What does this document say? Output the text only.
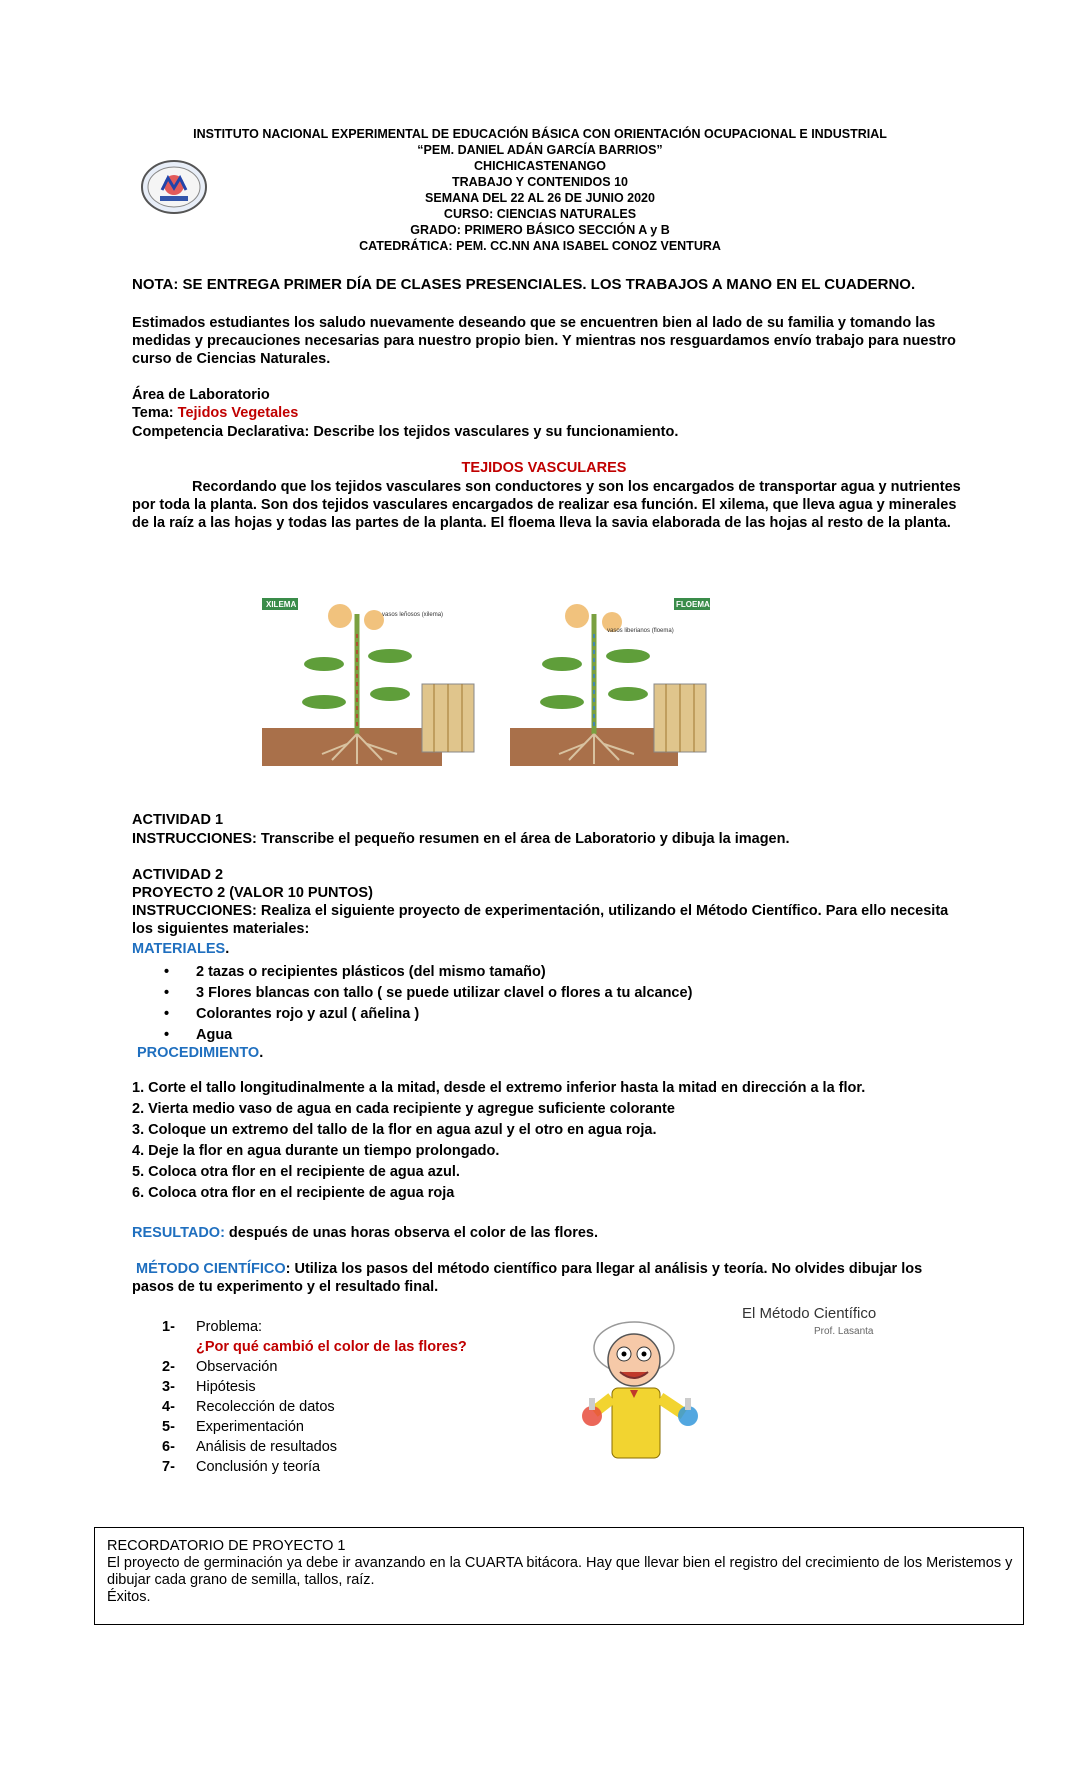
INSTITUTO NACIONAL EXPERIMENTAL DE EDUCACIÓN BÁSICA CON ORIENTACIÓN OCUPACIONAL E INDUSTRIAL
“PEM. DANIEL ADÁN GARCÍA BARRIOS”
CHICHICASTENANGO
TRABAJO Y CONTENIDOS 10
SEMANA DEL 22 AL 26 DE JUNIO 2020
CURSO: CIENCIAS NATURALES
GRADO: PRIMERO BÁSICO SECCIÓN A y B
CATEDRÁTICA: PEM. CC.NN ANA ISABEL CONOZ VENTURA
NOTA: SE ENTREGA PRIMER DÍA DE CLASES PRESENCIALES. LOS TRABAJOS A MANO EN EL CUADERNO.
Estimados estudiantes los saludo nuevamente deseando que se encuentren bien al lado de su familia y tomando las medidas y precauciones necesarias para nuestro propio bien. Y mientras nos resguardamos envío trabajo para nuestro curso de Ciencias Naturales.
Área de Laboratorio
Tema: Tejidos Vegetales
Competencia Declarativa: Describe los tejidos vasculares y su funcionamiento.
TEJIDOS VASCULARES
Recordando que los tejidos vasculares son conductores y son los encargados de transportar agua y nutrientes por toda la planta. Son dos tejidos vasculares encargados de realizar esa función. El xilema, que lleva agua y minerales de la raíz a las hojas y todas las partes de la planta. El floema lleva la savia elaborada de las hojas al resto de la planta.
XILEMA
vasos leñosos (xilema)
FLOEMA
vasos liberianos (floema)
ACTIVIDAD 1
INSTRUCCIONES: Transcribe el pequeño resumen en el área de Laboratorio y dibuja la imagen.
ACTIVIDAD 2
PROYECTO 2 (VALOR 10 PUNTOS)
INSTRUCCIONES: Realiza el siguiente proyecto de experimentación, utilizando el Método Científico. Para ello necesita los siguientes materiales:
MATERIALES.
• 2 tazas o recipientes plásticos (del mismo tamaño)
• 3 Flores blancas con tallo ( se puede utilizar clavel o flores a tu alcance)
• Colorantes rojo y azul ( añelina )
• Agua
PROCEDIMIENTO.
1. Corte el tallo longitudinalmente a la mitad, desde el extremo inferior hasta la mitad en dirección a la flor.
2. Vierta medio vaso de agua en cada recipiente y agregue suficiente colorante
3. Coloque un extremo del tallo de la flor en agua azul y el otro en agua roja.
4. Deje la flor en agua durante un tiempo prolongado.
5. Coloca otra flor en el recipiente de agua azul.
6. Coloca otra flor en el recipiente de agua roja
RESULTADO: después de unas horas observa el color de las flores.
MÉTODO CIENTÍFICO: Utiliza los pasos del método científico para llegar al análisis y teoría. No olvides dibujar los pasos de tu experimento y el resultado final.
1-	Problema:
¿Por qué cambió el color de las flores?
2-	Observación
3-	Hipótesis
4-	Recolección de datos
5-	Experimentación
6-	Análisis de resultados
7-	Conclusión y teoría
El Método Científico
Prof. Lasanta
RECORDATORIO DE PROYECTO 1
El proyecto de germinación ya debe ir avanzando en la CUARTA bitácora. Hay que llevar bien el registro del crecimiento de los Meristemos y dibujar cada grano de semilla, tallos, raíz.
Éxitos.
